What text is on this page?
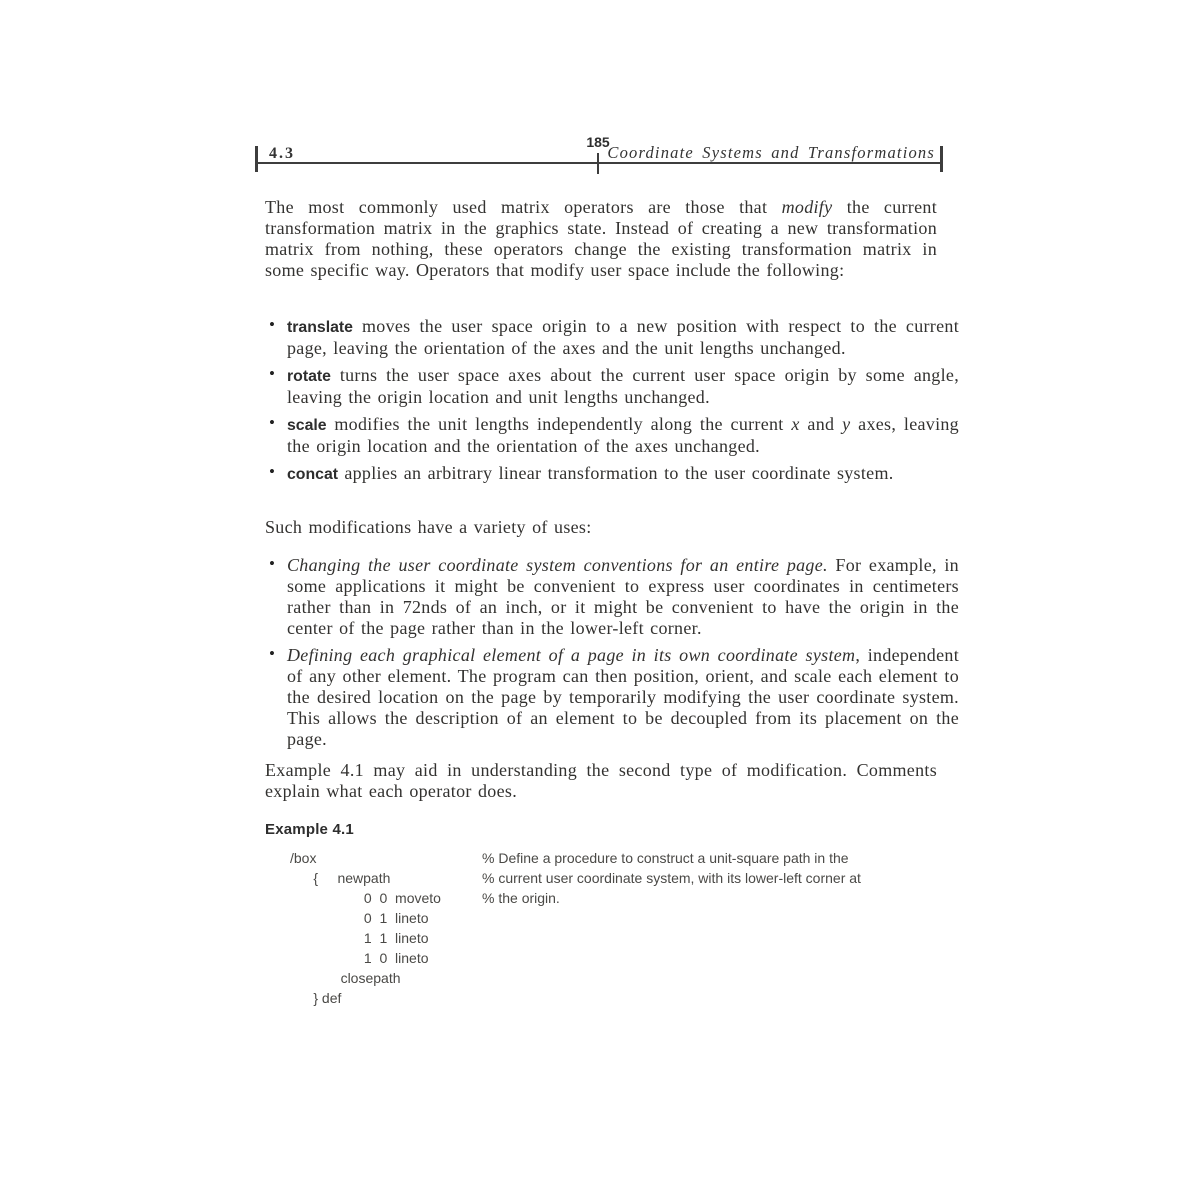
4.3
185
Coordinate Systems and Transformations

The most commonly used matrix operators are those that modify the current transformation matrix in the graphics state. Instead of creating a new transformation matrix from nothing, these operators change the existing transformation matrix in some specific way. Operators that modify user space include the following:

• translate moves the user space origin to a new position with respect to the current page, leaving the orientation of the axes and the unit lengths unchanged.
• rotate turns the user space axes about the current user space origin by some angle, leaving the origin location and unit lengths unchanged.
• scale modifies the unit lengths independently along the current x and y axes, leaving the origin location and the orientation of the axes unchanged.
• concat applies an arbitrary linear transformation to the user coordinate system.

Such modifications have a variety of uses:

• Changing the user coordinate system conventions for an entire page. For example, in some applications it might be convenient to express user coordinates in centimeters rather than in 72nds of an inch, or it might be convenient to have the origin in the center of the page rather than in the lower-left corner.
• Defining each graphical element of a page in its own coordinate system, independent of any other element. The program can then position, orient, and scale each element to the desired location on the page by temporarily modifying the user coordinate system. This allows the description of an element to be decoupled from its placement on the page.

Example 4.1 may aid in understanding the second type of modification. Comments explain what each operator does.

Example 4.1
/box	% Define a procedure to construct a unit-square path in the
{     newpath	% current user coordinate system, with its lower-left corner at
0  0  moveto	% the origin.
0  1  lineto
1  1  lineto
1  0  lineto
closepath
} def
